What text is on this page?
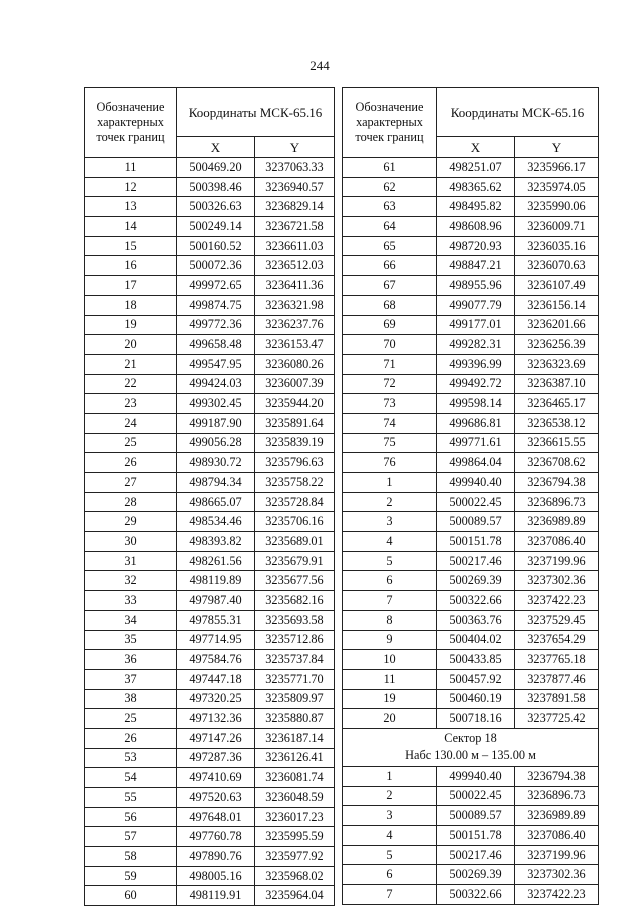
244
Обозначение характерных точек границ	Координаты МСК-65.16	
	X	Y
11	500469.20	3237063.33
12	500398.46	3236940.57
13	500326.63	3236829.14
14	500249.14	3236721.58
15	500160.52	3236611.03
16	500072.36	3236512.03
17	499972.65	3236411.36
18	499874.75	3236321.98
19	499772.36	3236237.76
20	499658.48	3236153.47
21	499547.95	3236080.26
22	499424.03	3236007.39
23	499302.45	3235944.20
24	499187.90	3235891.64
25	499056.28	3235839.19
26	498930.72	3235796.63
27	498794.34	3235758.22
28	498665.07	3235728.84
29	498534.46	3235706.16
30	498393.82	3235689.01
31	498261.56	3235679.91
32	498119.89	3235677.56
33	497987.40	3235682.16
34	497855.31	3235693.58
35	497714.95	3235712.86
36	497584.76	3235737.84
37	497447.18	3235771.70
38	497320.25	3235809.97
25	497132.36	3235880.87
26	497147.26	3236187.14
53	497287.36	3236126.41
54	497410.69	3236081.74
55	497520.63	3236048.59
56	497648.01	3236017.23
57	497760.78	3235995.59
58	497890.76	3235977.92
59	498005.16	3235968.02
60	498119.91	3235964.04
Обозначение характерных точек границ	Координаты МСК-65.16	
	X	Y
61	498251.07	3235966.17
62	498365.62	3235974.05
63	498495.82	3235990.06
64	498608.96	3236009.71
65	498720.93	3236035.16
66	498847.21	3236070.63
67	498955.96	3236107.49
68	499077.79	3236156.14
69	499177.01	3236201.66
70	499282.31	3236256.39
71	499396.99	3236323.69
72	499492.72	3236387.10
73	499598.14	3236465.17
74	499686.81	3236538.12
75	499771.61	3236615.55
76	499864.04	3236708.62
1	499940.40	3236794.38
2	500022.45	3236896.73
3	500089.57	3236989.89
4	500151.78	3237086.40
5	500217.46	3237199.96
6	500269.39	3237302.36
7	500322.66	3237422.23
8	500363.76	3237529.45
9	500404.02	3237654.29
10	500433.85	3237765.18
11	500457.92	3237877.46
19	500460.19	3237891.58
20	500718.16	3237725.42

Сектор 18
Набс 130.00 м – 135.00 м		

1	499940.40	3236794.38
2	500022.45	3236896.73
3	500089.57	3236989.89
4	500151.78	3237086.40
5	500217.46	3237199.96
6	500269.39	3237302.36
7	500322.66	3237422.23
